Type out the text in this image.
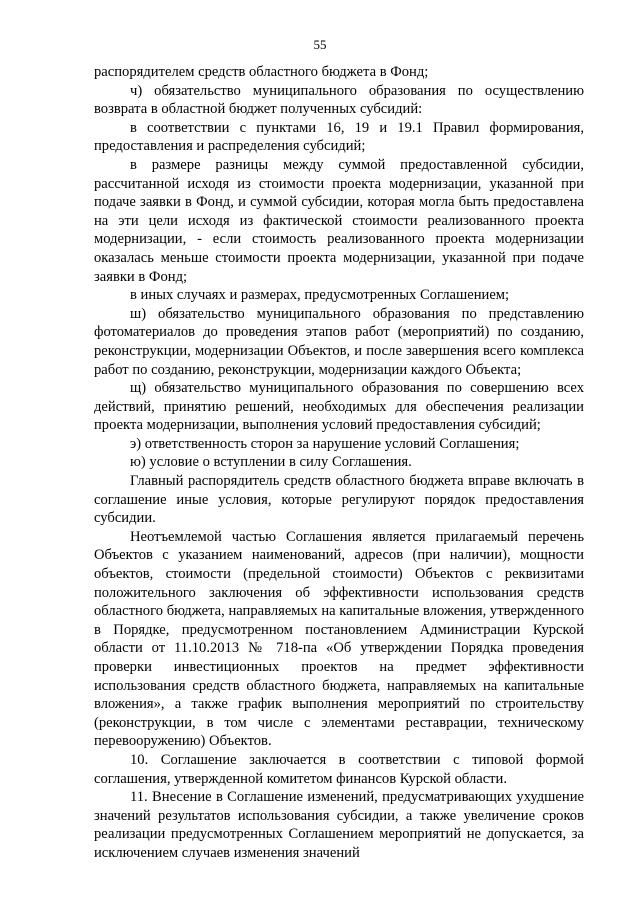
55

распорядителем средств областного бюджета в Фонд;

ч) обязательство муниципального образования по осуществлению возврата в областной бюджет полученных субсидий:

в соответствии с пунктами 16, 19 и 19.1 Правил формирования, предоставления и распределения субсидий;

в размере разницы между суммой предоставленной субсидии, рассчитанной исходя из стоимости проекта модернизации, указанной при подаче заявки в Фонд, и суммой субсидии, которая могла быть предоставлена на эти цели исходя из фактической стоимости реализованного проекта модернизации, - если стоимость реализованного проекта модернизации оказалась меньше стоимости проекта модернизации, указанной при подаче заявки в Фонд;

в иных случаях и размерах, предусмотренных Соглашением;

ш) обязательство муниципального образования по представлению фотоматериалов до проведения этапов работ (мероприятий) по созданию, реконструкции, модернизации Объектов, и после завершения всего комплекса работ по созданию, реконструкции, модернизации каждого Объекта;

щ) обязательство муниципального образования по совершению всех действий, принятию решений, необходимых для обеспечения реализации проекта модернизации, выполнения условий предоставления субсидий;

э) ответственность сторон за нарушение условий Соглашения;

ю) условие о вступлении в силу Соглашения.

Главный распорядитель средств областного бюджета вправе включать в соглашение иные условия, которые регулируют порядок предоставления субсидии.

Неотъемлемой частью Соглашения является прилагаемый перечень Объектов с указанием наименований, адресов (при наличии), мощности объектов, стоимости (предельной стоимости) Объектов с реквизитами положительного заключения об эффективности использования средств областного бюджета, направляемых на капитальные вложения, утвержденного в Порядке, предусмотренном постановлением Администрации Курской области от 11.10.2013 № 718-па «Об утверждении Порядка проведения проверки инвестиционных проектов на предмет эффективности использования средств областного бюджета, направляемых на капитальные вложения», а также график выполнения мероприятий по строительству (реконструкции, в том числе с элементами реставрации, техническому перевооружению) Объектов.

10. Соглашение заключается в соответствии с типовой формой соглашения, утвержденной комитетом финансов Курской области.

11. Внесение в Соглашение изменений, предусматривающих ухудшение значений результатов использования субсидии, а также увеличение сроков реализации предусмотренных Соглашением мероприятий не допускается, за исключением случаев изменения значений
